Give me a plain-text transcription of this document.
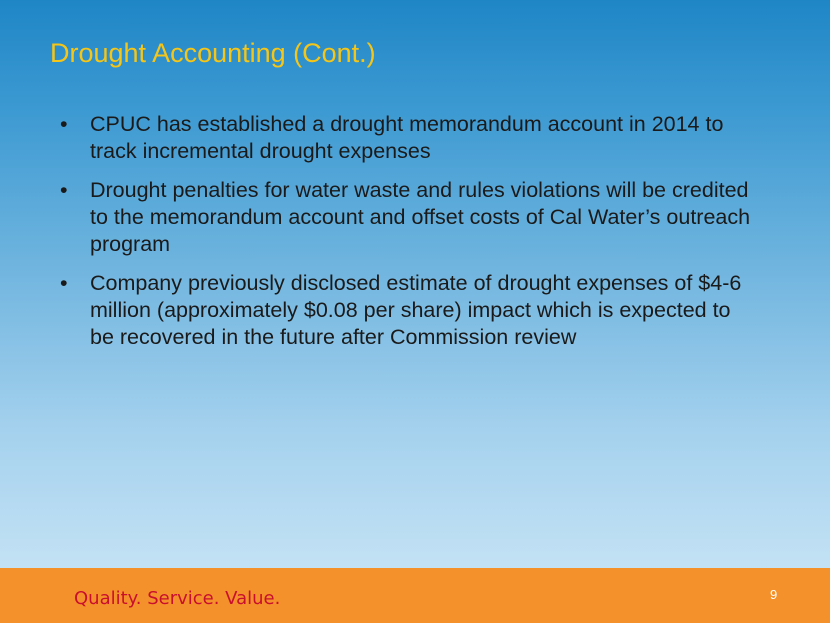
Drought Accounting (Cont.)
•	CPUC has established a drought memorandum account in 2014 to track incremental drought expenses
•	Drought penalties for water waste and rules violations will be credited to the memorandum account and offset costs of Cal Water’s outreach program
•	Company previously disclosed estimate of drought expenses of $4-6 million (approximately $0.08 per share) impact which is expected to be recovered in the future after Commission review
Quality. Service. Value.	9
